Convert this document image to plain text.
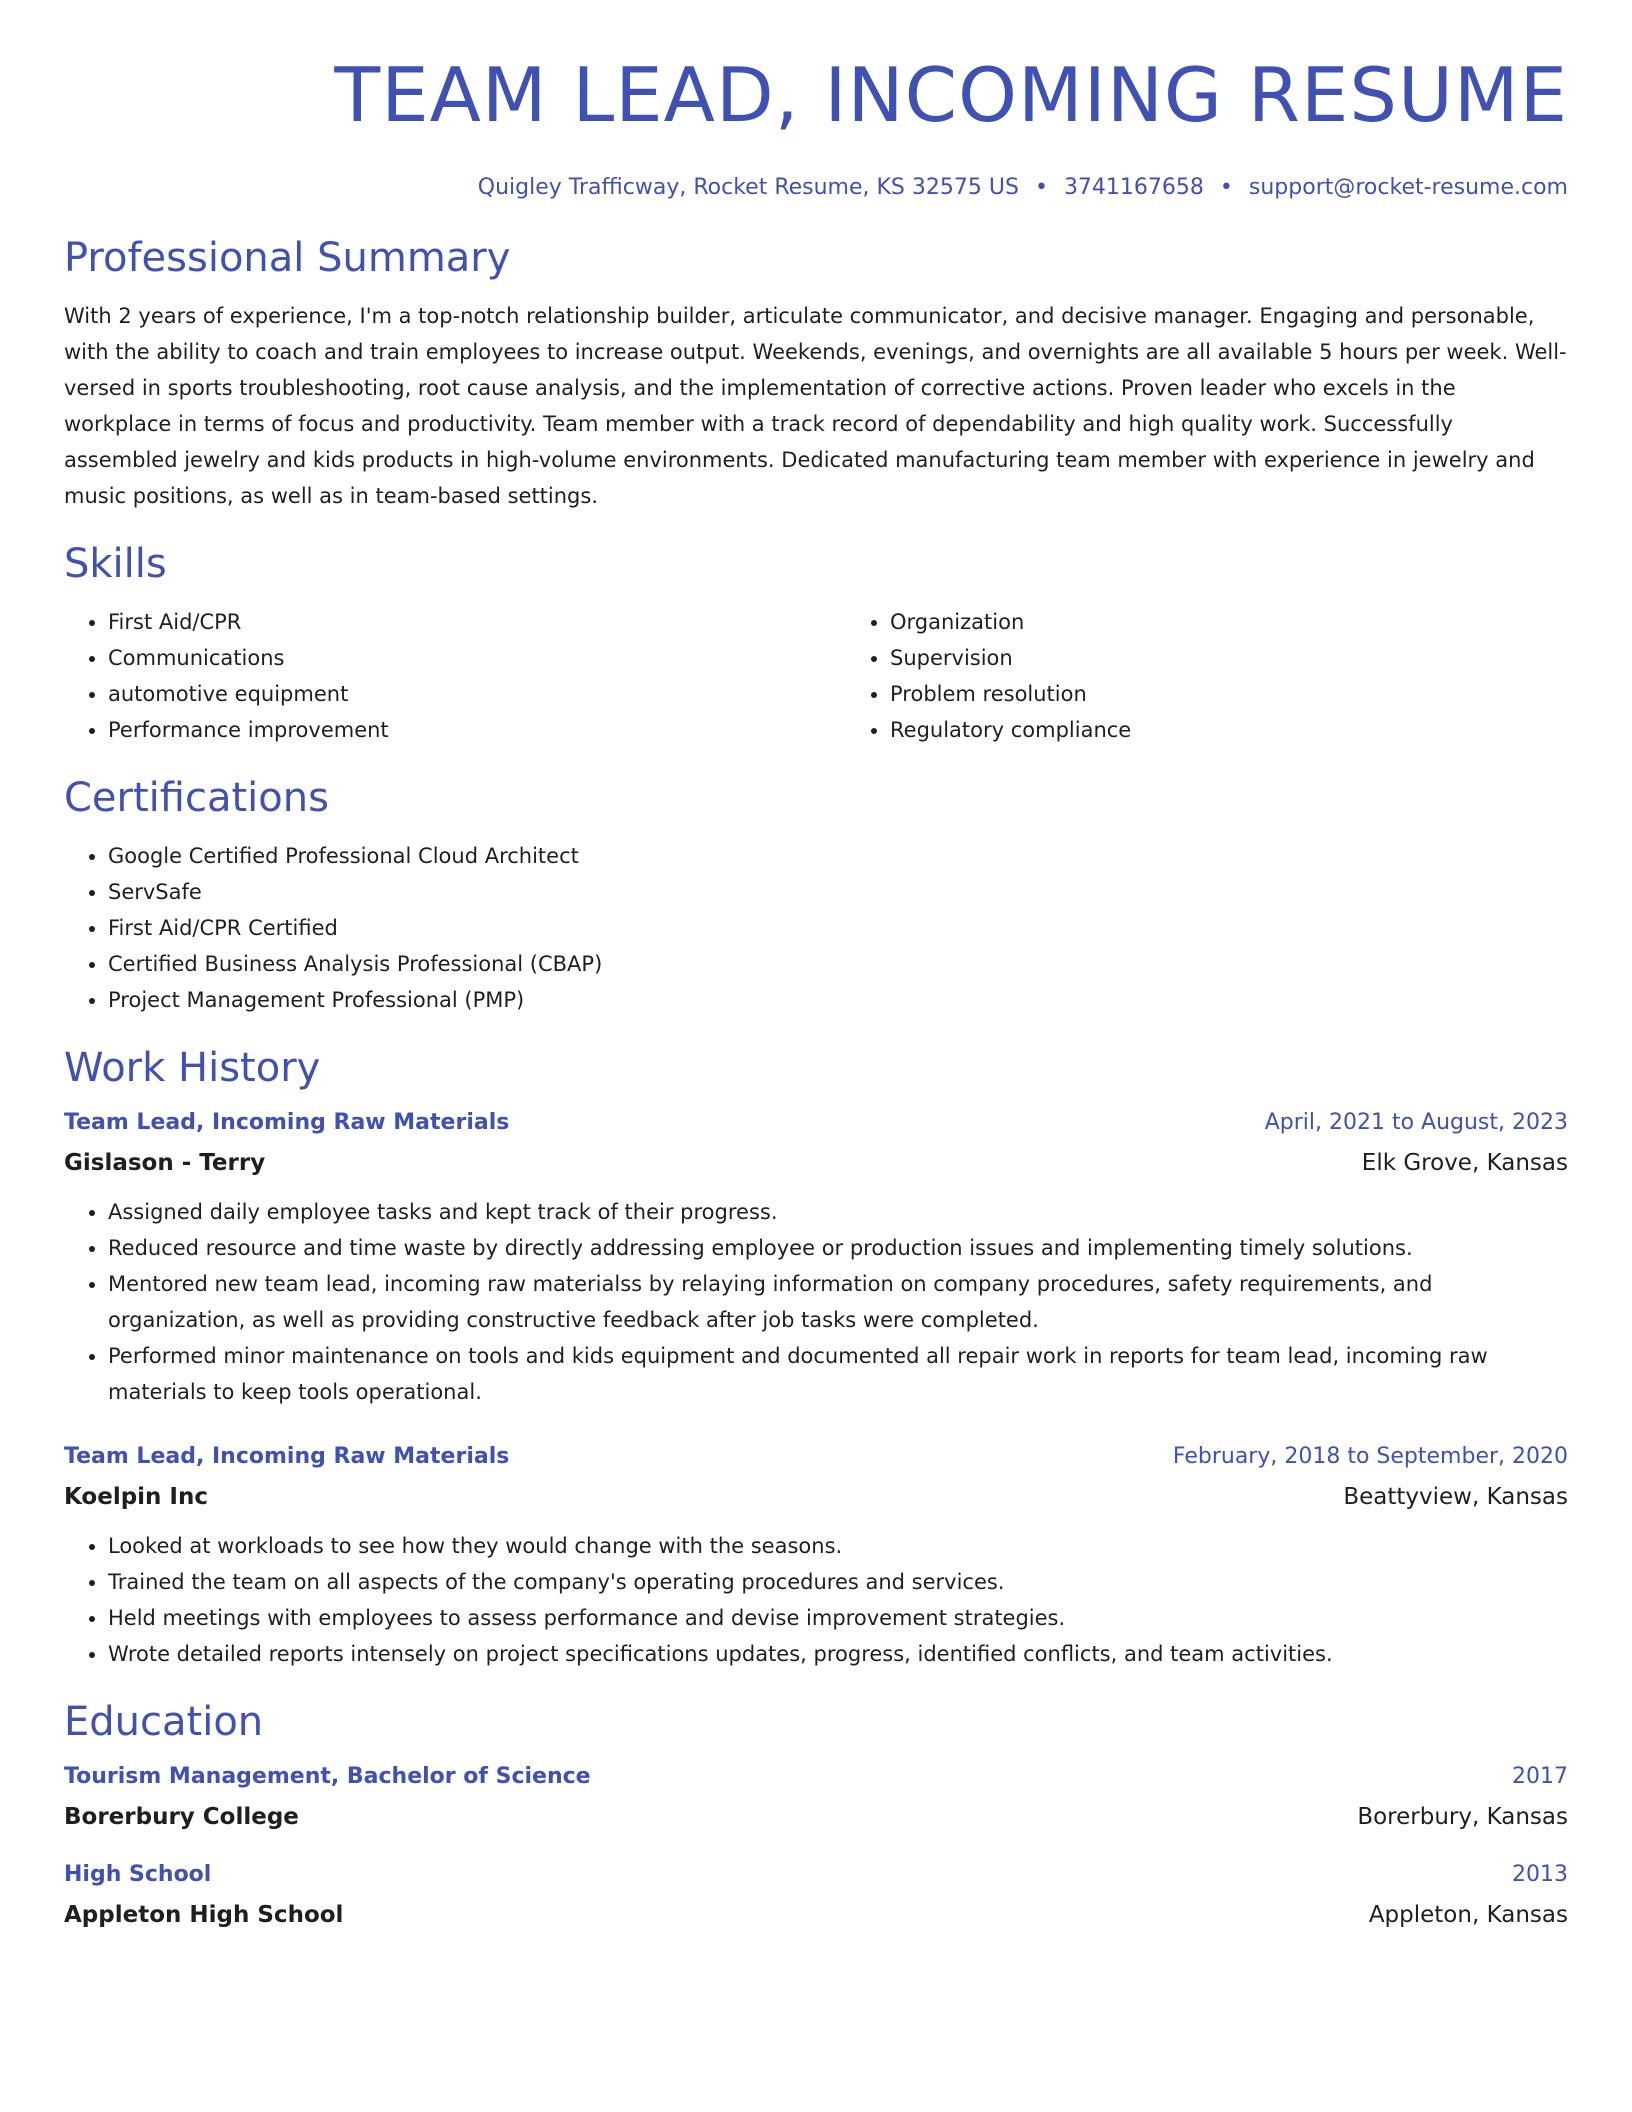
TEAM LEAD, INCOMING RESUME
Quigley Trafficway, Rocket Resume, KS 32575 US • 3741167658 • support@rocket-resume.com
Professional Summary
With 2 years of experience, I'm a top-notch relationship builder, articulate communicator, and decisive manager. Engaging and personable, with the ability to coach and train employees to increase output. Weekends, evenings, and overnights are all available 5 hours per week. Well-versed in sports troubleshooting, root cause analysis, and the implementation of corrective actions. Proven leader who excels in the workplace in terms of focus and productivity. Team member with a track record of dependability and high quality work. Successfully assembled jewelry and kids products in high-volume environments. Dedicated manufacturing team member with experience in jewelry and music positions, as well as in team-based settings.
Skills
• First Aid/CPR
• Communications
• automotive equipment
• Performance improvement
• Organization
• Supervision
• Problem resolution
• Regulatory compliance
Certifications
• Google Certified Professional Cloud Architect
• ServSafe
• First Aid/CPR Certified
• Certified Business Analysis Professional (CBAP)
• Project Management Professional (PMP)
Work History
Team Lead, Incoming Raw Materials	April, 2021 to August, 2023
Gislason - Terry	Elk Grove, Kansas
• Assigned daily employee tasks and kept track of their progress.
• Reduced resource and time waste by directly addressing employee or production issues and implementing timely solutions.
• Mentored new team lead, incoming raw materialss by relaying information on company procedures, safety requirements, and organization, as well as providing constructive feedback after job tasks were completed.
• Performed minor maintenance on tools and kids equipment and documented all repair work in reports for team lead, incoming raw materials to keep tools operational.
Team Lead, Incoming Raw Materials	February, 2018 to September, 2020
Koelpin Inc	Beattyview, Kansas
• Looked at workloads to see how they would change with the seasons.
• Trained the team on all aspects of the company's operating procedures and services.
• Held meetings with employees to assess performance and devise improvement strategies.
• Wrote detailed reports intensely on project specifications updates, progress, identified conflicts, and team activities.
Education
Tourism Management, Bachelor of Science	2017
Borerbury College	Borerbury, Kansas
High School	2013
Appleton High School	Appleton, Kansas
